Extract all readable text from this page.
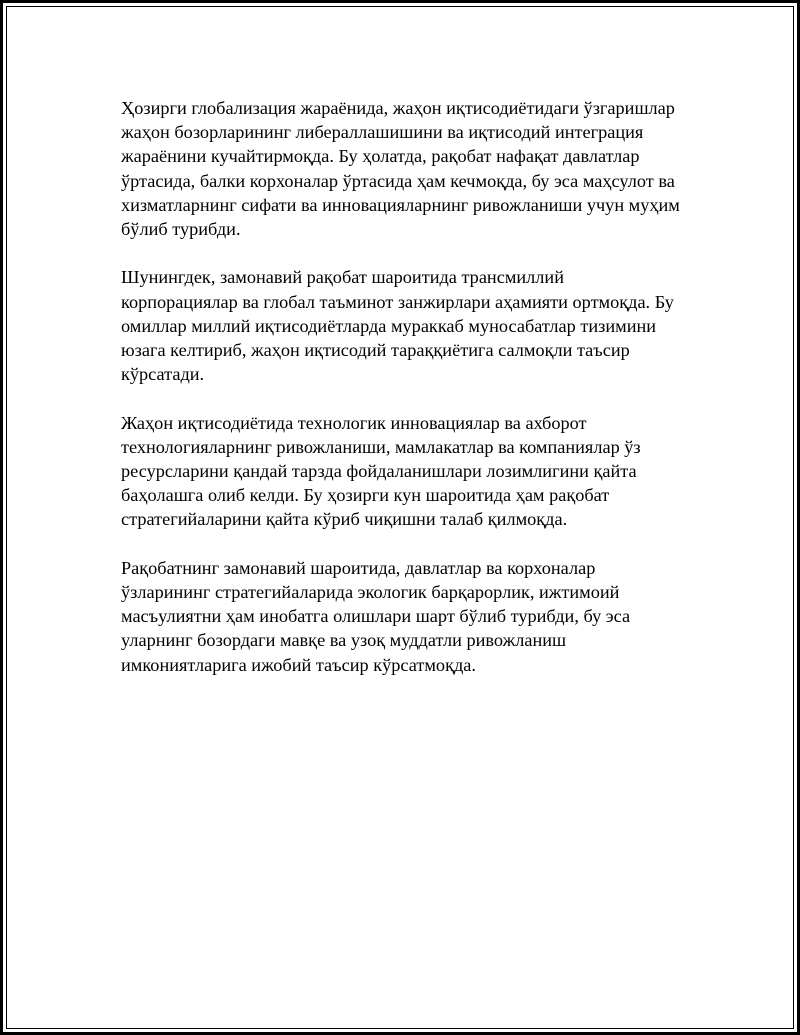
Ҳозирги глобализация жараёнида, жаҳон иқтисодиётидаги ўзгаришлар
жаҳон бозорларининг либераллашишини ва иқтисодий интеграция
жараёнини кучайтирмоқда. Бу ҳолатда, рақобат нафақат давлатлар
ўртасида, балки корхоналар ўртасида ҳам кечмоқда, бу эса маҳсулот ва
хизматларнинг сифати ва инновацияларнинг ривожланиши учун муҳим
бўлиб турибди.

Шунингдек, замонавий рақобат шароитида трансмиллий
корпорациялар ва глобал таъминот занжирлари аҳамияти ортмоқда. Бу
омиллар миллий иқтисодиётларда мураккаб муносабатлар тизимини
юзага келтириб, жаҳон иқтисодий тараққиётига салмоқли таъсир
кўрсатади.

Жаҳон иқтисодиётида технологик инновациялар ва ахборот
технологияларнинг ривожланиши, мамлакатлар ва компаниялар ўз
ресурсларини қандай тарзда фойдаланишлари лозимлигини қайта
баҳолашга олиб келди. Бу ҳозирги кун шароитида ҳам рақобат
стратегийаларини қайта кўриб чиқишни талаб қилмоқда.

Рақобатнинг замонавий шароитида, давлатлар ва корхоналар
ўзларининг стратегийаларида экологик барқарорлик, ижтимоий
масъулиятни ҳам инобатга олишлари шарт бўлиб турибди, бу эса
уларнинг бозордаги мавқе ва узоқ муддатли ривожланиш
имкониятларига ижобий таъсир кўрсатмоқда.
